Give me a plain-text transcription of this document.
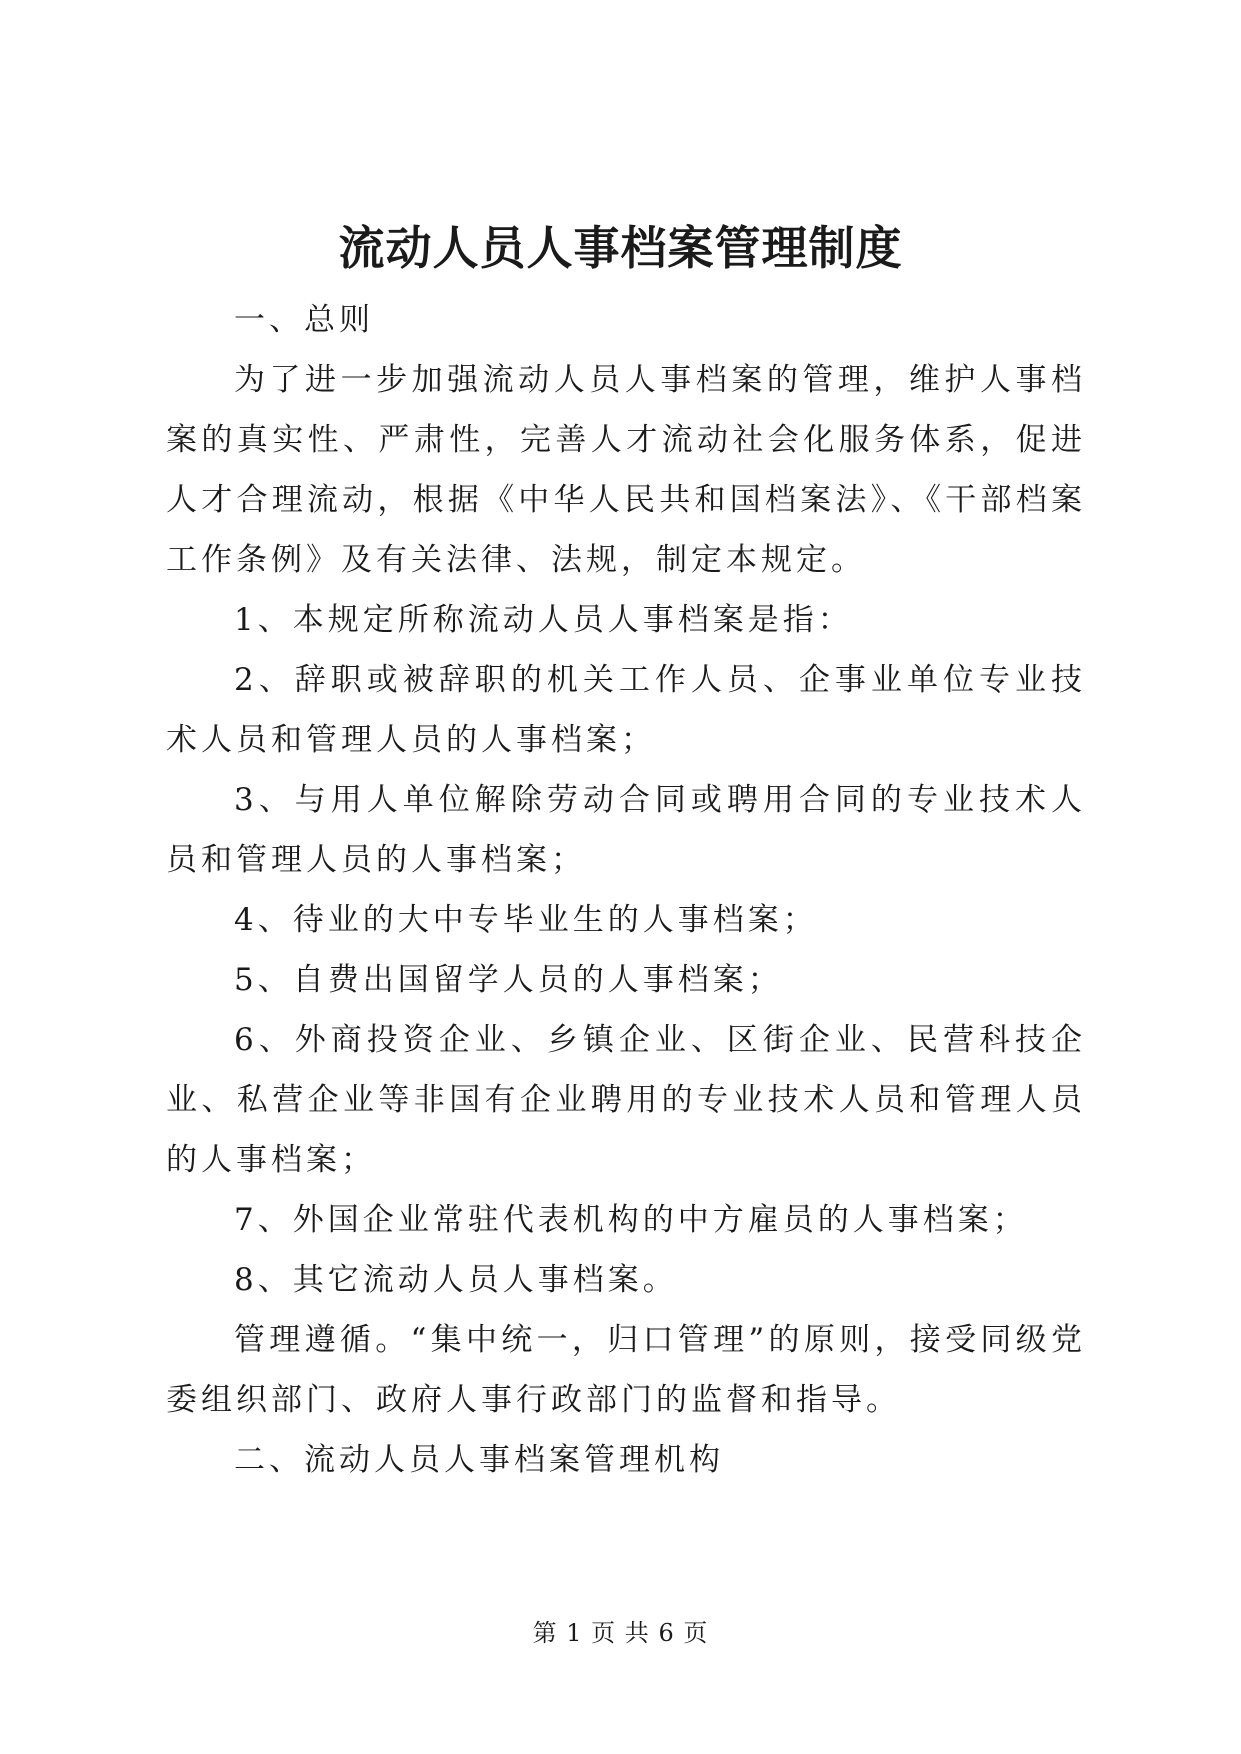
流动人员人事档案管理制度

一、总则

为了进一步加强流动人员人事档案的管理，维护人事档案的真实性、严肃性，完善人才流动社会化服务体系，促进人才合理流动，根据《中华人民共和国档案法》、《干部档案工作条例》及有关法律、法规，制定本规定。

1、本规定所称流动人员人事档案是指：

2、辞职或被辞职的机关工作人员、企事业单位专业技术人员和管理人员的人事档案；

3、与用人单位解除劳动合同或聘用合同的专业技术人员和管理人员的人事档案；

4、待业的大中专毕业生的人事档案；

5、自费出国留学人员的人事档案；

6、外商投资企业、乡镇企业、区街企业、民营科技企业、私营企业等非国有企业聘用的专业技术人员和管理人员的人事档案；

7、外国企业常驻代表机构的中方雇员的人事档案；

8、其它流动人员人事档案。

管理遵循。“集中统一，归口管理”的原则，接受同级党委组织部门、政府人事行政部门的监督和指导。

二、流动人员人事档案管理机构

第 1 页 共 6 页
